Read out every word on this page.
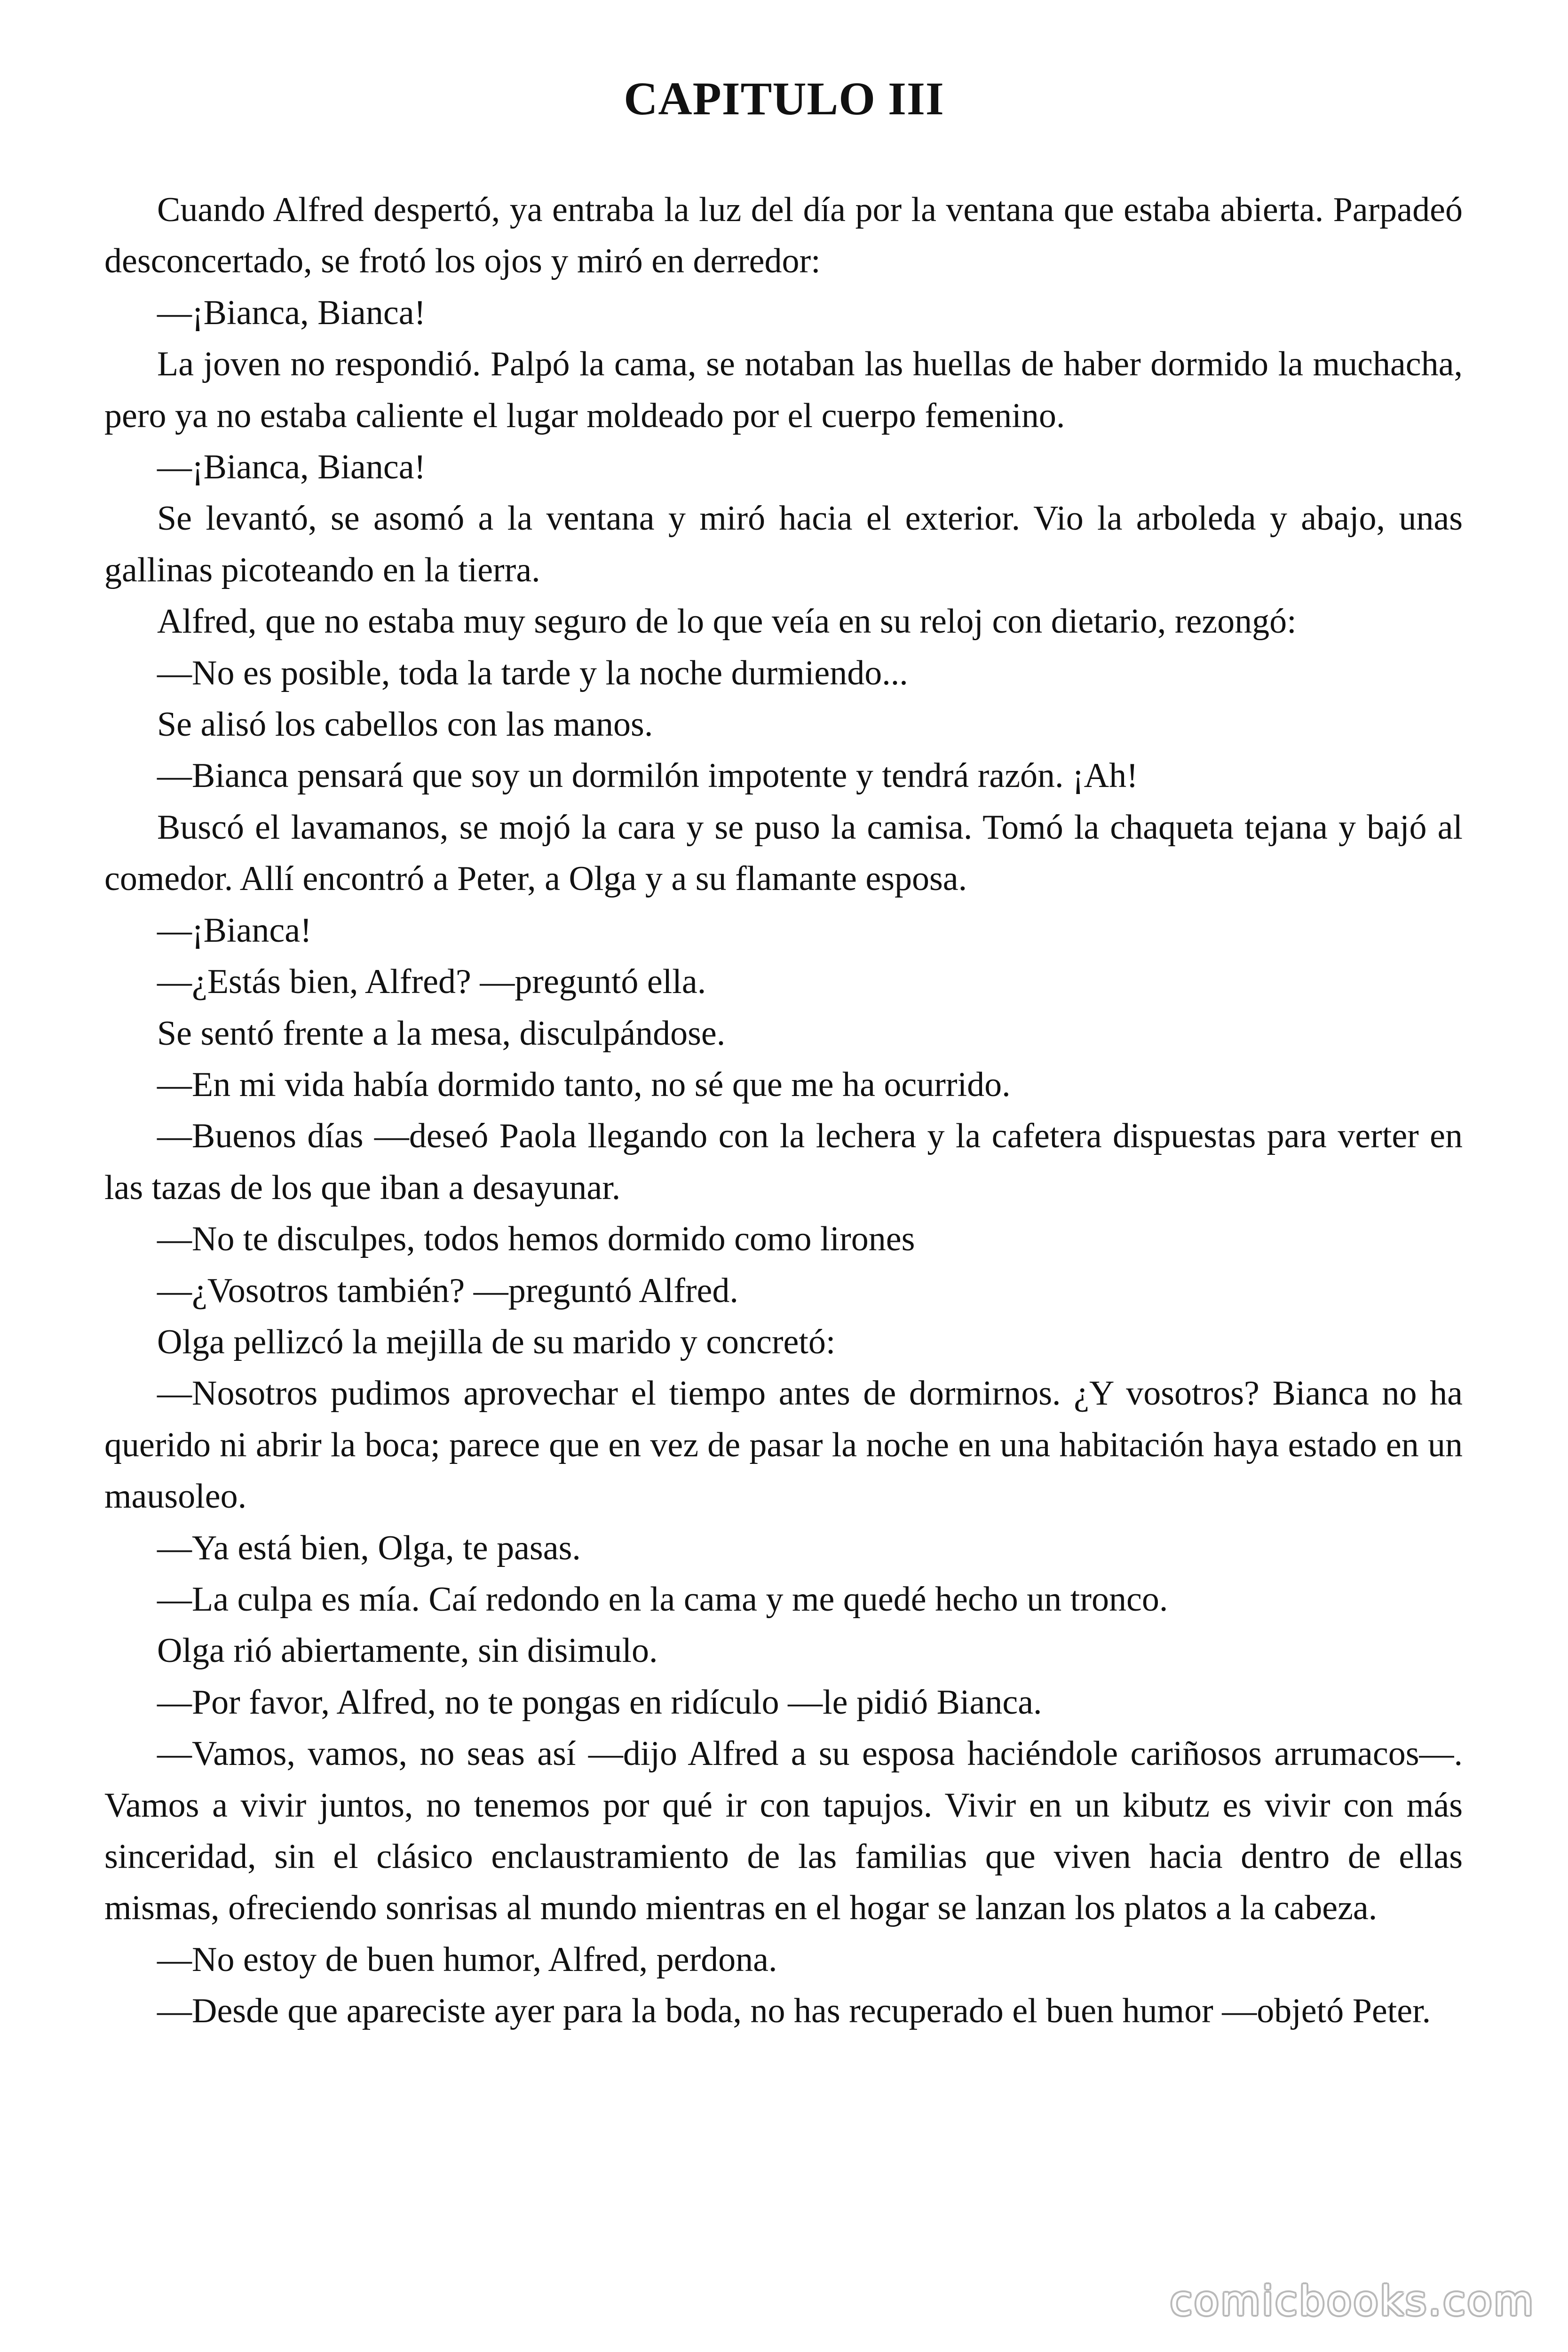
CAPITULO III

Cuando Alfred despertó, ya entraba la luz del día por la ventana que estaba abierta. Parpadeó desconcertado, se frotó los ojos y miró en derredor:

—¡Bianca, Bianca!

La joven no respondió. Palpó la cama, se notaban las huellas de haber dormido la muchacha, pero ya no estaba caliente el lugar moldeado por el cuerpo femenino.

—¡Bianca, Bianca!

Se levantó, se asomó a la ventana y miró hacia el exterior. Vio la arboleda y abajo, unas gallinas picoteando en la tierra.

Alfred, que no estaba muy seguro de lo que veía en su reloj con dietario, rezongó:

—No es posible, toda la tarde y la noche durmiendo...

Se alisó los cabellos con las manos.

—Bianca pensará que soy un dormilón impotente y tendrá razón. ¡Ah!

Buscó el lavamanos, se mojó la cara y se puso la camisa. Tomó la chaqueta tejana y bajó al comedor. Allí encontró a Peter, a Olga y a su flamante esposa.

—¡Bianca!

—¿Estás bien, Alfred? —preguntó ella.

Se sentó frente a la mesa, disculpándose.

—En mi vida había dormido tanto, no sé que me ha ocurrido.

—Buenos días —deseó Paola llegando con la lechera y la cafetera dispuestas para verter en las tazas de los que iban a desayunar.

—No te disculpes, todos hemos dormido como lirones

—¿Vosotros también? —preguntó Alfred.

Olga pellizcó la mejilla de su marido y concretó:

—Nosotros pudimos aprovechar el tiempo antes de dormirnos. ¿Y vosotros? Bianca no ha querido ni abrir la boca; parece que en vez de pasar la noche en una habitación haya estado en un mausoleo.

—Ya está bien, Olga, te pasas.

—La culpa es mía. Caí redondo en la cama y me quedé hecho un tronco.

Olga rió abiertamente, sin disimulo.

—Por favor, Alfred, no te pongas en ridículo —le pidió Bianca.

—Vamos, vamos, no seas así —dijo Alfred a su esposa haciéndole cariñosos arrumacos—. Vamos a vivir juntos, no tenemos por qué ir con tapujos. Vivir en un kibutz es vivir con más sinceridad, sin el clásico enclaustramiento de las familias que viven hacia dentro de ellas mismas, ofreciendo sonrisas al mundo mientras en el hogar se lanzan los platos a la cabeza.

—No estoy de buen humor, Alfred, perdona.

—Desde que apareciste ayer para la boda, no has recuperado el buen humor —objetó Peter.

comicbooks.com
